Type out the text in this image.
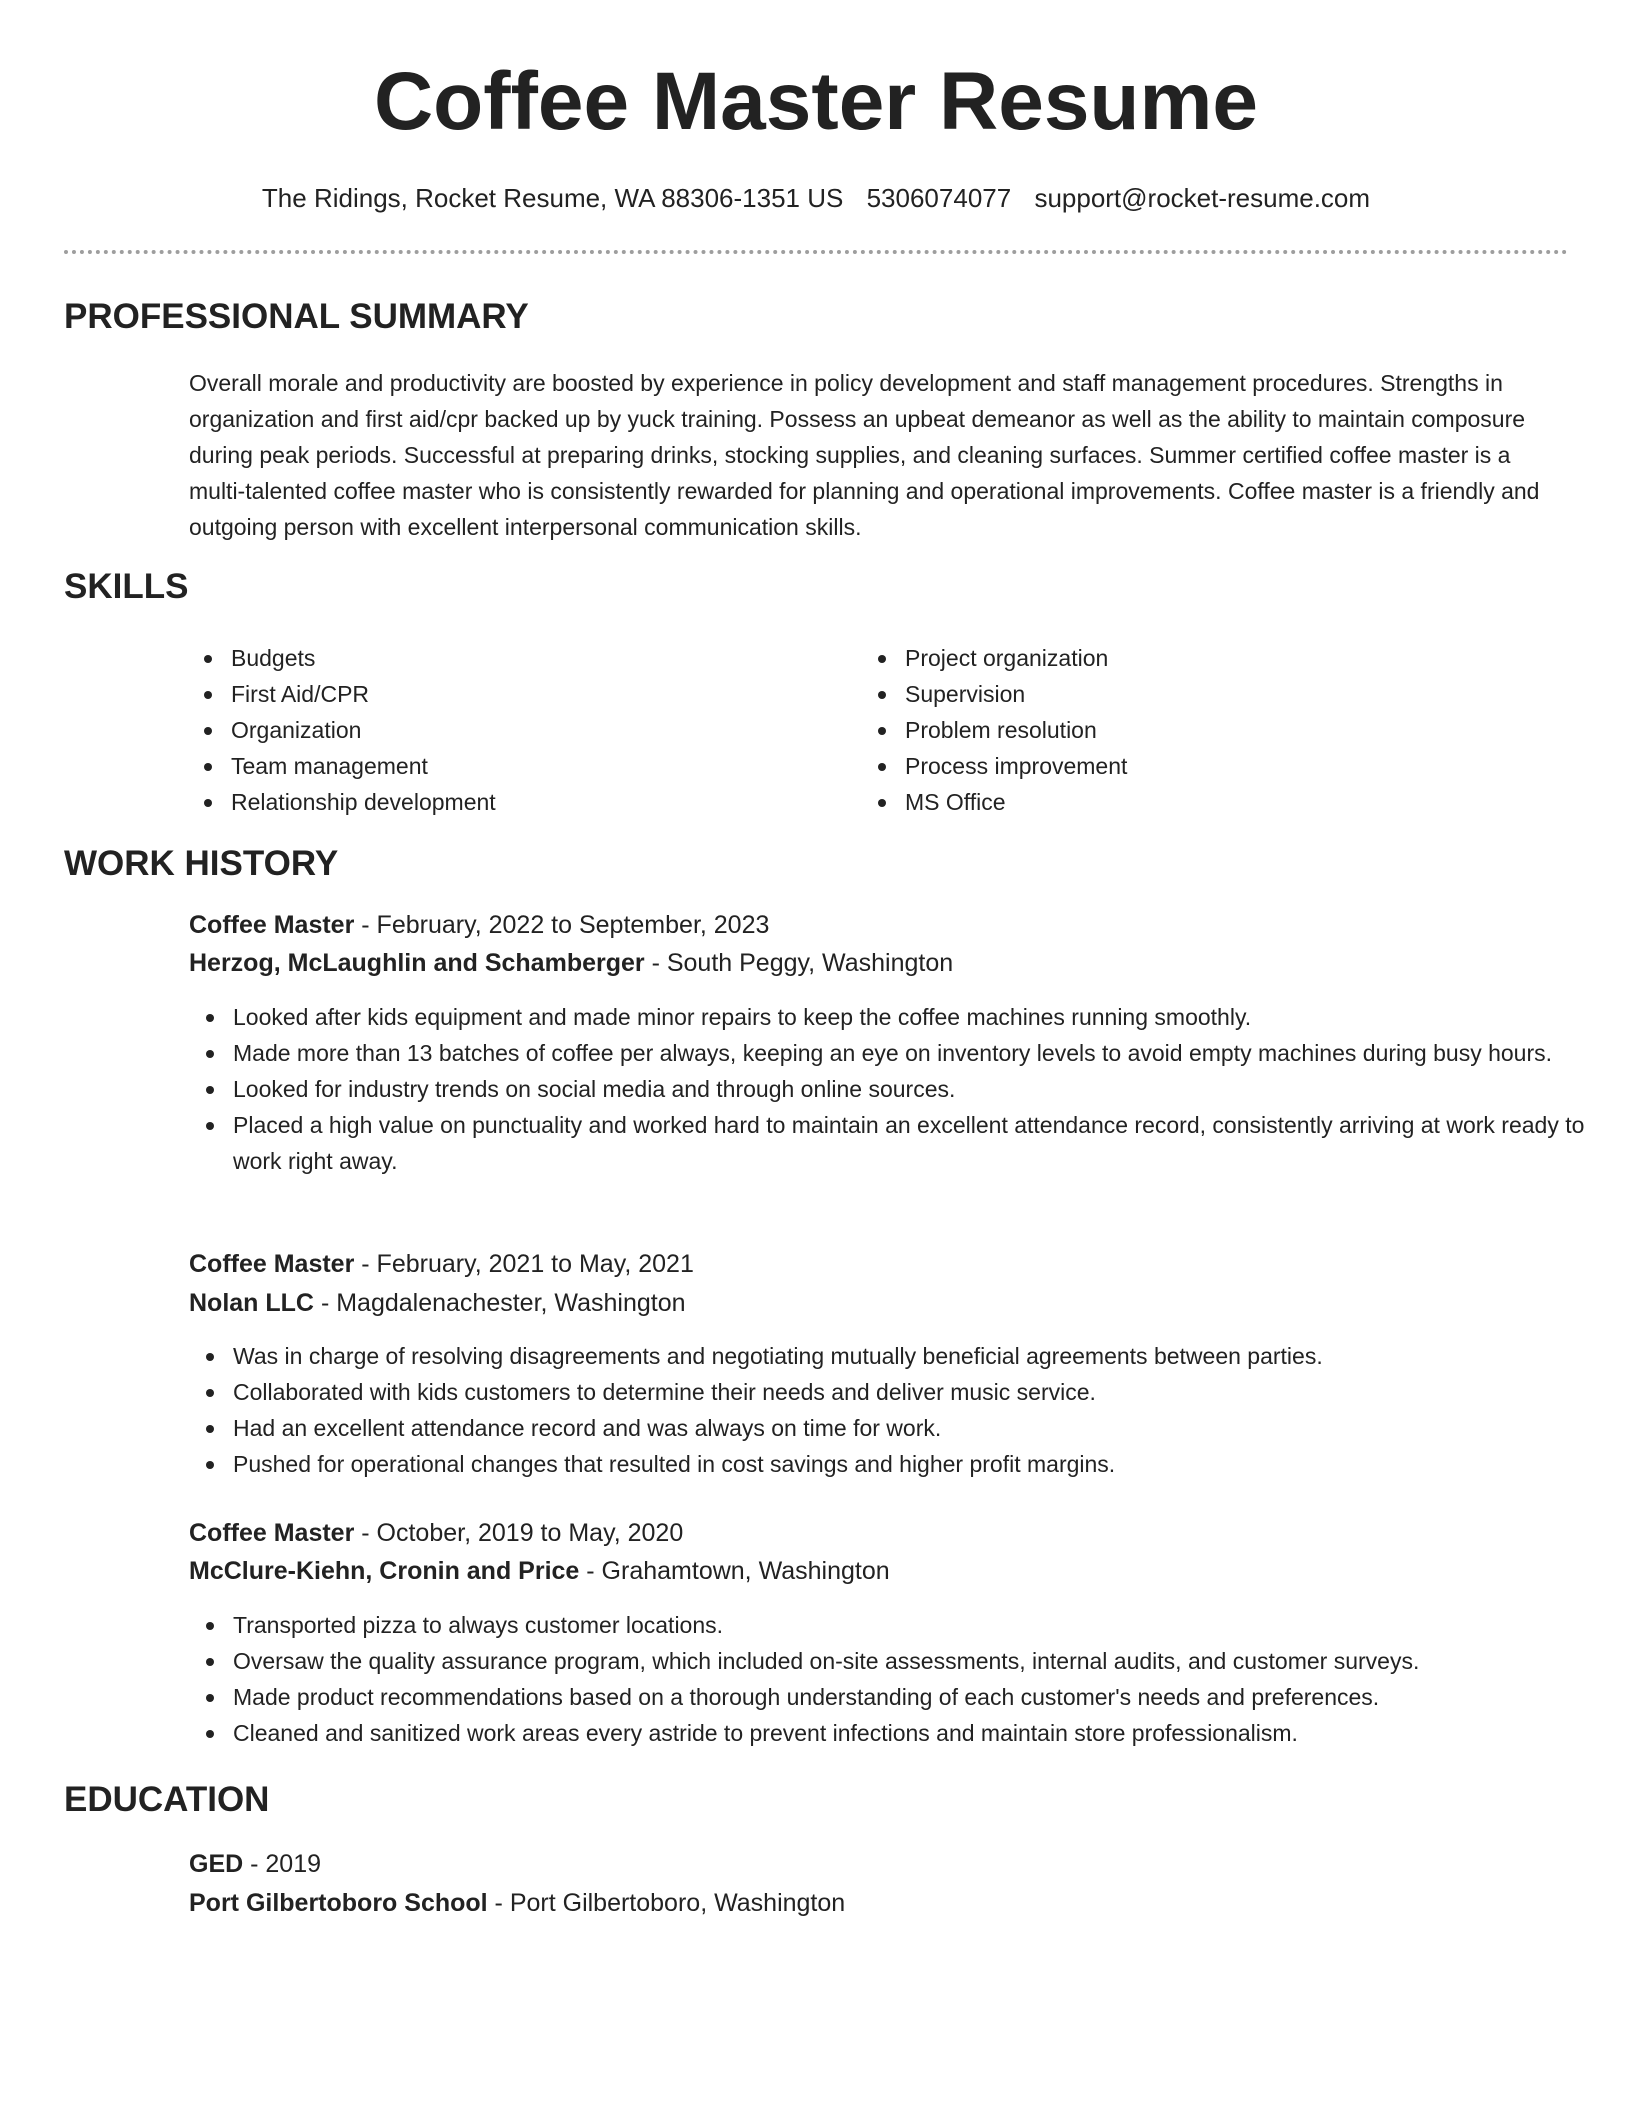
Coffee Master Resume
The Ridings, Rocket Resume, WA 88306-1351 US 5306074077 support@rocket-resume.com
PROFESSIONAL SUMMARY

Overall morale and productivity are boosted by experience in policy development and staff management procedures. Strengths in organization and first aid/cpr backed up by yuck training. Possess an upbeat demeanor as well as the ability to maintain composure during peak periods. Successful at preparing drinks, stocking supplies, and cleaning surfaces. Summer certified coffee master is a multi-talented coffee master who is consistently rewarded for planning and operational improvements. Coffee master is a friendly and outgoing person with excellent interpersonal communication skills.

SKILLS
Budgets
First Aid/CPR
Organization
Team management
Relationship development
Project organization
Supervision
Problem resolution
Process improvement
MS Office
WORK HISTORY
Coffee Master - February, 2022 to September, 2023
Herzog, McLaughlin and Schamberger - South Peggy, Washington
Looked after kids equipment and made minor repairs to keep the coffee machines running smoothly.
Made more than 13 batches of coffee per always, keeping an eye on inventory levels to avoid empty machines during busy hours.
Looked for industry trends on social media and through online sources.
Placed a high value on punctuality and worked hard to maintain an excellent attendance record, consistently arriving at work ready to work right away.
Coffee Master - February, 2021 to May, 2021
Nolan LLC - Magdalenachester, Washington
Was in charge of resolving disagreements and negotiating mutually beneficial agreements between parties.
Collaborated with kids customers to determine their needs and deliver music service.
Had an excellent attendance record and was always on time for work.
Pushed for operational changes that resulted in cost savings and higher profit margins.
Coffee Master - October, 2019 to May, 2020
McClure-Kiehn, Cronin and Price - Grahamtown, Washington
Transported pizza to always customer locations.
Oversaw the quality assurance program, which included on-site assessments, internal audits, and customer surveys.
Made product recommendations based on a thorough understanding of each customer's needs and preferences.
Cleaned and sanitized work areas every astride to prevent infections and maintain store professionalism.
EDUCATION
GED - 2019
Port Gilbertoboro School - Port Gilbertoboro, Washington
